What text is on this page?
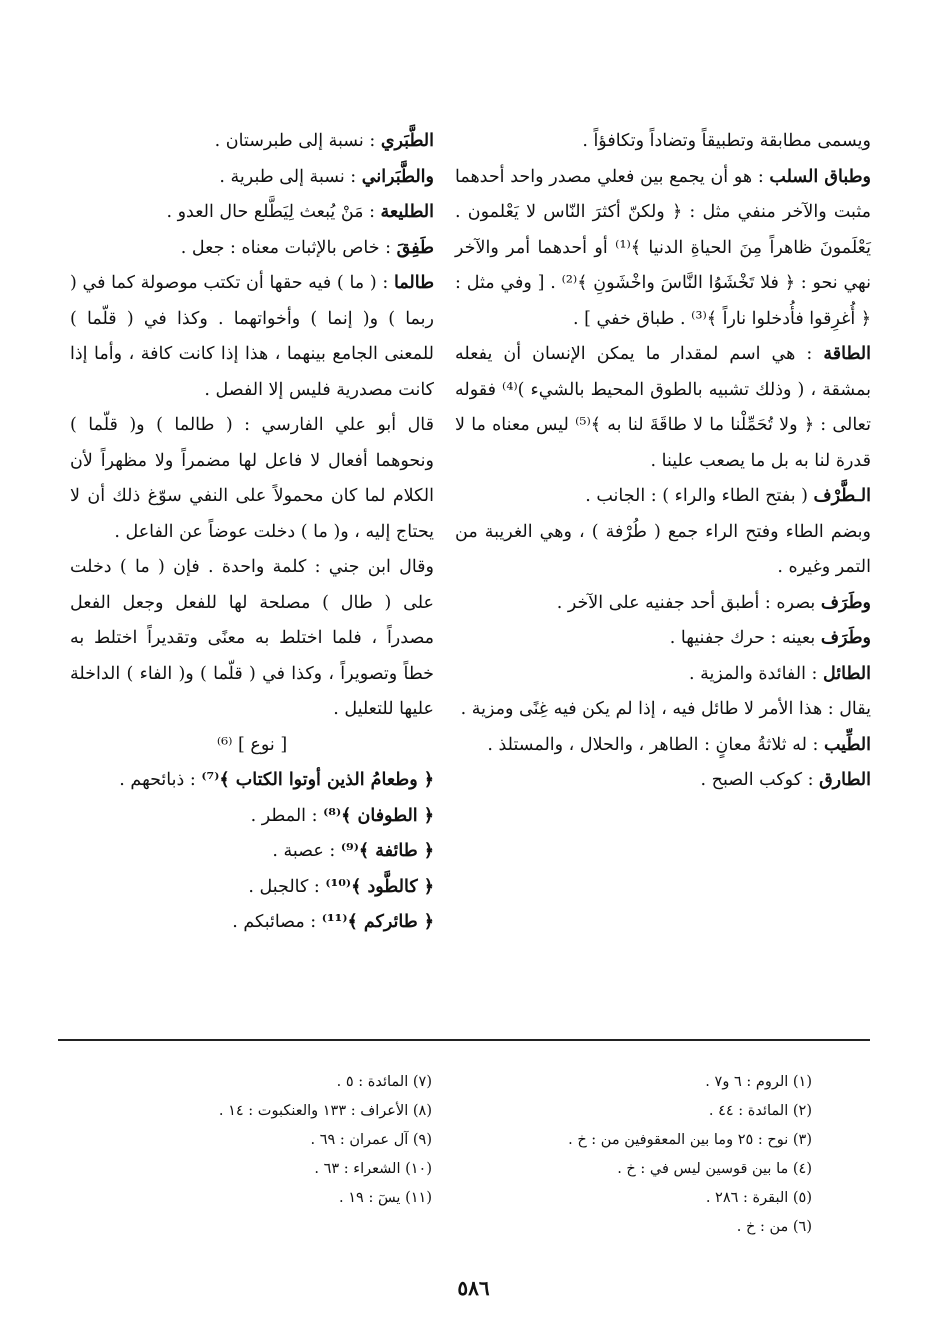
ويسمى مطابقة وتطبيقاً وتضاداً وتكافؤاً .

وطباق السلب : هو أن يجمع بين فعلي مصدر واحد أحدهما مثبت والآخر منفي مثل : ﴿ ولكنّ أكثرَ النّاس لا يَعْلمون . يَعْلَمونَ ظاهراً مِنَ الحياةِ الدنيا ﴾⁽¹⁾ أو أحدهما أمر والآخر نهي نحو : ﴿ فلا تَخْشَوُا النَّاسَ واخْشَونِ ﴾⁽²⁾ . [ وفي مثل : ﴿ أُغرِقوا فأُدخلوا ناراً ﴾⁽³⁾ . طباق خفي ] .

الطاقة : هي اسم لمقدار ما يمكن الإنسان أن يفعله بمشقة ، ( وذلك تشبيه بالطوق المحيط بالشيء )⁽⁴⁾ فقوله تعالى : ﴿ ولا تُحَمِّلْنا ما لا طاقَةَ لنا به ﴾⁽⁵⁾ ليس معناه ما لا قدرة لنا به بل ما يصعب علينا .

الـطَّرْف ( بفتح الطاء والراء ) : الجانب .

وبضم الطاء وفتح الراء جمع ( طُرْفة ) ، وهي الغريبة من التمر وغيره .

وطَرَف بصره : أطبق أحد جفنيه على الآخر .

وطَرَف بعينه : حرك جفنيها .

الطائل : الفائدة والمزية .

يقال : هذا الأمر لا طائل فيه ، إذا لم يكن فيه غِنًى ومزية .

الطِّيب : له ثلاثةُ معانٍ : الطاهر ، والحلال ، والمستلذ .

الطارق : كوكب الصبح .

الطَّبَري : نسبة إلى طبرستان .

والطَّبَراني : نسبة إلى طبرية .

الطليعة : مَنْ يُبعث لِيَطَّلع حال العدو .

طَفِقَ : خاص بالإثبات معناه : جعل .

طالما : ( ما ) فيه حقها أن تكتب موصولة كما في ( ربما ) و( إنما ) وأخواتهما . وكذا في ( قلّما ) للمعنى الجامع بينهما ، هذا إذا كانت كافة ، وأما إذا كانت مصدرية فليس إلا الفصل .

قال أبو علي الفارسي : ( طالما ) و( قلّما ) ونحوهما أفعال لا فاعل لها مضمراً ولا مظهراً لأن الكلام لما كان محمولاً على النفي سوّغ ذلك أن لا يحتاج إليه ، و( ما ) دخلت عوضاً عن الفاعل .

وقال ابن جني : كلمة واحدة . فإن ( ما ) دخلت على ( طال ) مصلحة لها للفعل وجعل الفعل مصدراً ، فلما اختلط به معنًى وتقديراً اختلط به خطاً وتصويراً ، وكذا في ( قلّما ) و( الفاء ) الداخلة عليها للتعليل .

[ نوع ] ⁽⁶⁾

﴿ وطعامُ الذين أوتوا الكتاب ﴾⁽⁷⁾ : ذبائحهم .

﴿ الطوفان ﴾⁽⁸⁾ : المطر .

﴿ طائفة ﴾⁽⁹⁾ : عصبة .

﴿ كالطَّود ﴾⁽¹⁰⁾ : كالجبل .

﴿ طائركم ﴾⁽¹¹⁾ : مصائبكم .

(١) الروم : ٦ و٧ .
(٢) المائدة : ٤٤ .
(٣) نوح : ٢٥ وما بين المعقوفين من : خ .
(٤) ما بين قوسين ليس في : خ .
(٥) البقرة : ٢٨٦ .
(٦) من : خ .
(٧) المائدة : ٥ .
(٨) الأعراف : ١٣٣ والعنكبوت : ١٤ .
(٩) آل عمران : ٦٩ .
(١٠) الشعراء : ٦٣ .
(١١) يسٓ : ١٩ .
٥٨٦
